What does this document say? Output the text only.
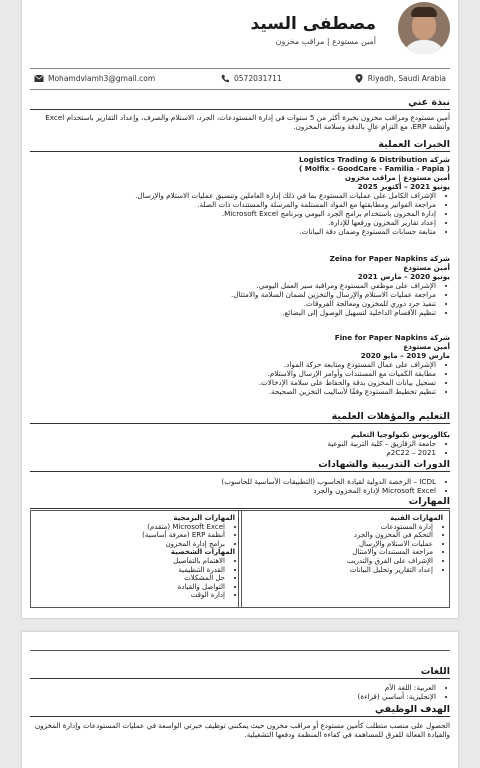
مصطفى السيد
أمين مستودع | مراقب مخزون
Mohamdvlamh3@gmail.com	0572031711	Riyadh, Saudi Arabia
نبذة عني
أمين مستودع ومراقب مخزون بخبرة أكثر من 5 سنوات في إدارة المستودعات، الجرد، الاستلام والصرف، وإعداد التقارير باستخدام Excel وأنظمة ERP، مع التزام عالٍ بالدقة وسلامة المخزون.
الخبرات العملية
شركة Logistics Trading & Distribution
( Molfix - GoodCare - Familia - Papia )
أمين مستودع | مراقب مخزون
يونيو 2021 – أكتوبر 2025
• الإشراف الكامل على عمليات المستودع بما في ذلك إدارة العاملين وتنسيق عمليات الاستلام والإرسال.
• مراجعة الفواتير ومطابقتها مع المواد المستلمة والمرسلة والمستندات ذات الصلة.
• إدارة المخزون باستخدام برامج الجرد اليومي وبرنامج Microsoft Excel.
• إعداد تقارير المخزون ورفعها للإدارة.
• متابعة حسابات المستودع وضمان دقة البيانات.
شركة Zeina for Paper Napkins
أمين مستودع
يونيو 2020 – مارس 2021
• الإشراف على موظفي المستودع ومراقبة سير العمل اليومي.
• مراجعة عمليات الاستلام والإرسال والتخزين لضمان السلامة والامتثال.
• تنفيذ جرد دوري للمخزون ومعالجة الفروقات.
• تنظيم الأقسام الداخلية لتسهيل الوصول إلى البضائع.
شركة Fine for Paper Napkins
أمين مستودع
مارس 2019 – مايو 2020
• الإشراف على عمال المستودع ومتابعة حركة المواد.
• مطابقة الكميات مع المستندات وأوامر الإرسال والاستلام.
• تسجيل بيانات المخزون بدقة والحفاظ على سلامة الإدخالات.
• تنظيم تخطيط المستودع وفقًا لأساليب التخزين الصحيحة.
التعليم والمؤهلات العلمية
بكالوريوس تكنولوجيا التعليم
• جامعة الزقازيق – كلية التربية النوعية
• 2021 – 2C22م
الدورات التدريبية والشهادات
• ICDL – الرخصة الدولية لقيادة الحاسوب (التطبيقات الأساسية للحاسوب)
• Microsoft Excel لإدارة المخزون والجرد
المهارات
المهارات الفنية
• إدارة المستودعات
• التحكم في المخزون والجرد
• عمليات الاستلام والإرسال
• مراجعة المستندات والامتثال
• الإشراف على الفرق والتدريب
• إعداد التقارير وتحليل البيانات
المهارات البرمجية
• Microsoft Excel (متقدم)
• أنظمة ERP (معرفة أساسية)
• برامج إدارة المخزون
المهارات الشخصية
• الاهتمام بالتفاصيل
• القدرة التنظيمية
• حل المشكلات
• التواصل والقيادة
• إدارة الوقت
اللغات
• العربية: اللغة الأم
• الإنجليزية: أساسي (قراءة)
الهدف الوظيفي
الحصول على منصب متطلب كأمين مستودع أو مراقب مخزون حيث يمكنني توظيف خبرتي الواسعة في عمليات المستودعات وإدارة المخزون والقيادة الفعالة للفرق للمساهمة في كفاءة المنظمة ودفعها التشغيلية.
